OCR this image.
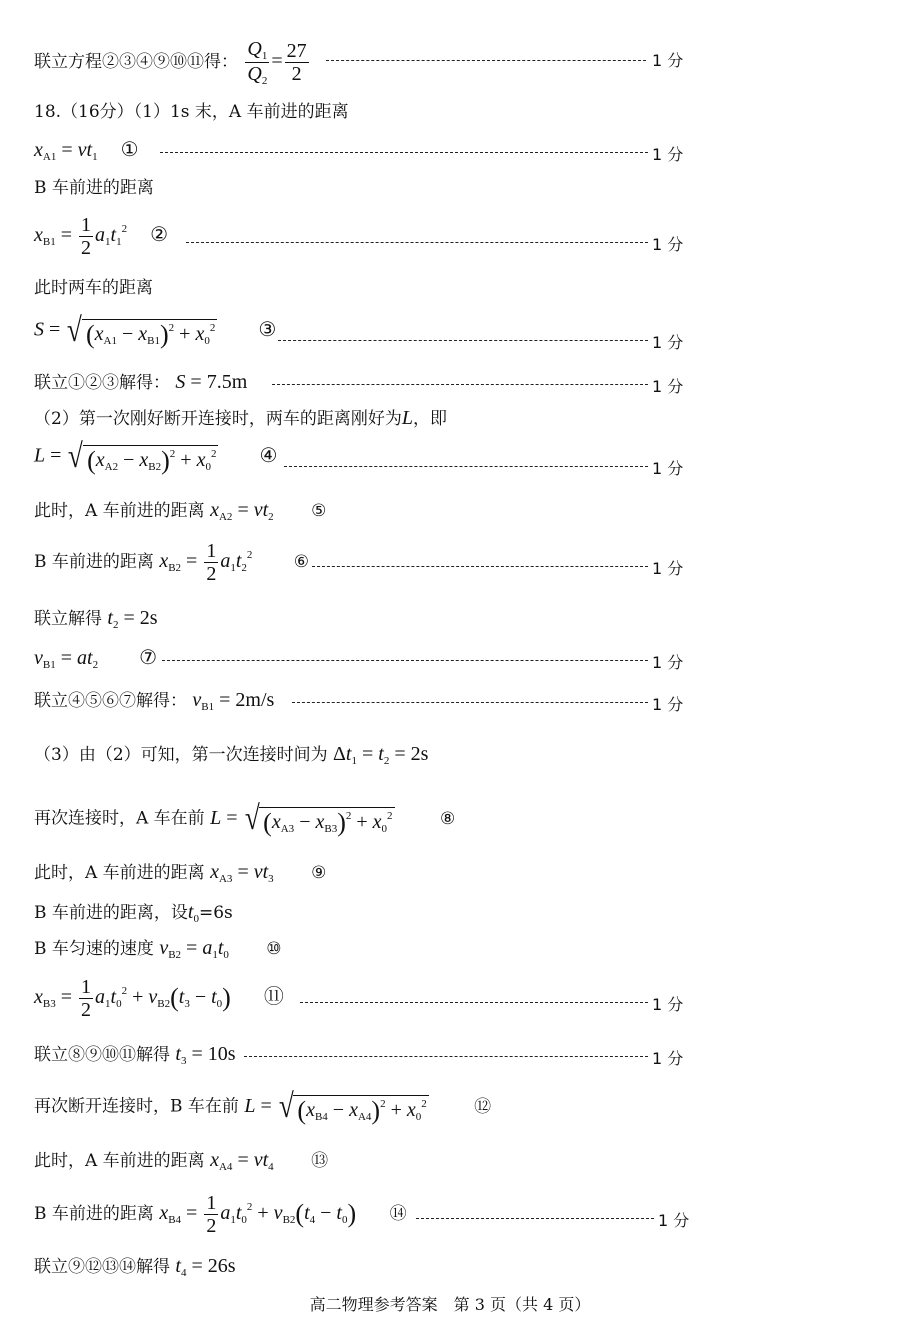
联立方程②③④⑨⑩⑪得： $\frac{Q_1}{Q_2} = \frac{27}{2}$	1 分
18.（16分）（1）1s 末，A 车前进的距离
$x_{A1} = vt_1$ ①	1 分
B 车前进的距离
$x_{B1} = \frac{1}{2} a_1t_1^2$ ②	1 分
此时两车的距离
S = √ $(x_{A1} - x_{B1})^2 + x_0^2$ ③
1 分
联立①②③解得： S = 7.5m	1 分
（2）第一次刚好断开连接时，两车的距离刚好为L，即
L = √ $(x_{A2} - x_{B2})^2 + x_0^2$ ④
1 分
此时，A 车前进的距离 $x_{A2} = vt_2$ ⑤
B 车前进的距离 $x_{B2} = \frac{1}{2} a_1t_2^2$ ⑥	1 分
联立解得 $t_2 = 2s$
$v_{B1} = at_2$ ⑦	1 分
联立④⑤⑥⑦解得： $v_{B1} = 2m/s$	1 分
（3）由（2）可知，第一次连接时间为 $\Delta t_1 = t_2 = 2s$
再次连接时，A 车在前 L = √ $(x_{A3} - x_{B3})^2 + x_0^2$	⑧
此时，A 车前进的距离 $x_{A3} = vt_3$ ⑨
B 车前进的距离，设$t_0=6s$
B 车匀速的速度 $v_{B2} = a_1t_0$ ⑩
$x_{B3} = \frac{1}{2} a_1t_0^2 + v_{B2}(t_3 - t_0)$ ⑪	1 分
联立⑧⑨⑩⑪解得 $t_3 = 10s$	1 分
再次断开连接时，B 车在前 L = √ $(x_{B4} - x_{A4})^2 + x_0^2$	⑫
此时，A 车前进的距离 $x_{A4} = vt_4$ ⑬
B 车前进的距离 $x_{B4} = \frac{1}{2} a_1t_0^2 + v_{B2}(t_4 - t_0)$ ⑭	1 分
联立⑨⑫⑬⑭解得 $t_4 = 26s$
高二物理参考答案　第 3 页（共 4 页）
